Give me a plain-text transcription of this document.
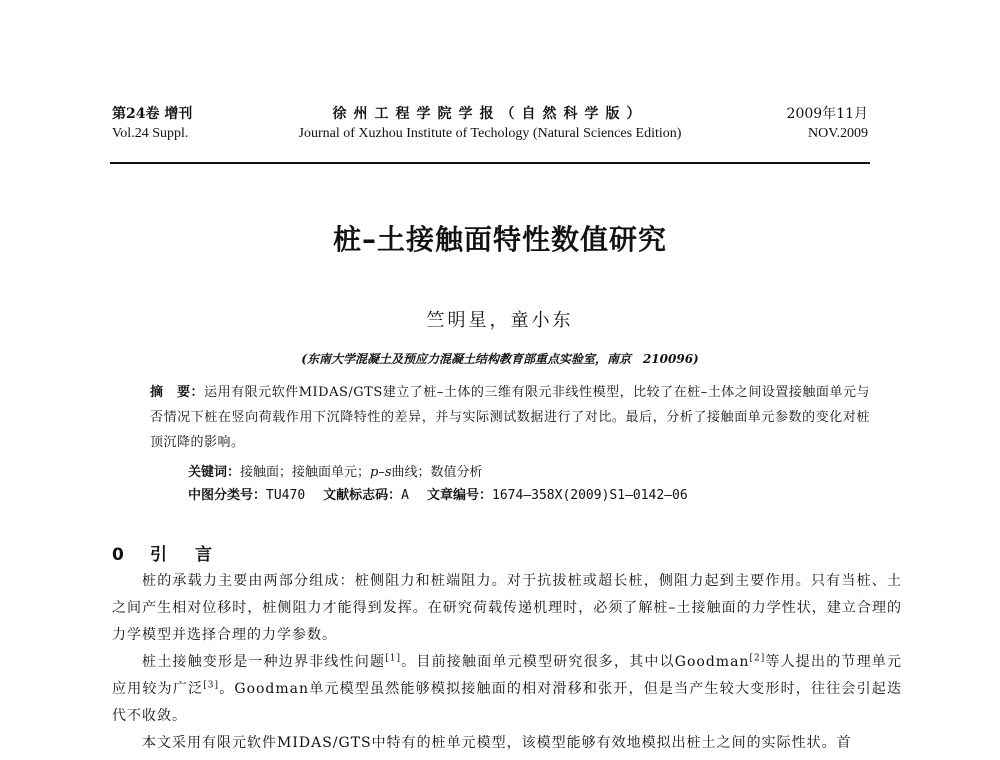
第24卷 增刊
Vol.24 Suppl.
徐州工程学院学报（自然科学版）
Journal of Xuzhou Institute of Techology (Natural Sciences Edition)
2009年11月
NOV.2009
桩–土接触面特性数值研究
竺明星，童小东
(东南大学混凝土及预应力混凝土结构教育部重点实验室，南京　210096)
摘　要：运用有限元软件MIDAS/GTS建立了桩–土体的三维有限元非线性模型，比较了在桩–土体之间设置接触面单元与否情况下桩在竖向荷载作用下沉降特性的差异，并与实际测试数据进行了对比。最后，分析了接触面单元参数的变化对桩顶沉降的影响。
关键词：接触面；接触面单元；p–s曲线；数值分析
中图分类号：TU470 文献标志码：A 文章编号：1674–358X(2009)S1–0142–06
0 引言

桩的承载力主要由两部分组成：桩侧阻力和桩端阻力。对于抗拔桩或超长桩，侧阻力起到主要作用。只有当桩、土之间产生相对位移时，桩侧阻力才能得到发挥。在研究荷载传递机理时，必须了解桩–土接触面的力学性状，建立合理的力学模型并选择合理的力学参数。

桩土接触变形是一种边界非线性问题[1]。目前接触面单元模型研究很多，其中以Goodman[2]等人提出的节理单元应用较为广泛[3]。Goodman单元模型虽然能够模拟接触面的相对滑移和张开，但是当产生较大变形时，往往会引起迭代不收敛。

本文采用有限元软件MIDAS/GTS中特有的桩单元模型，该模型能够有效地模拟出桩土之间的实际性状。首
